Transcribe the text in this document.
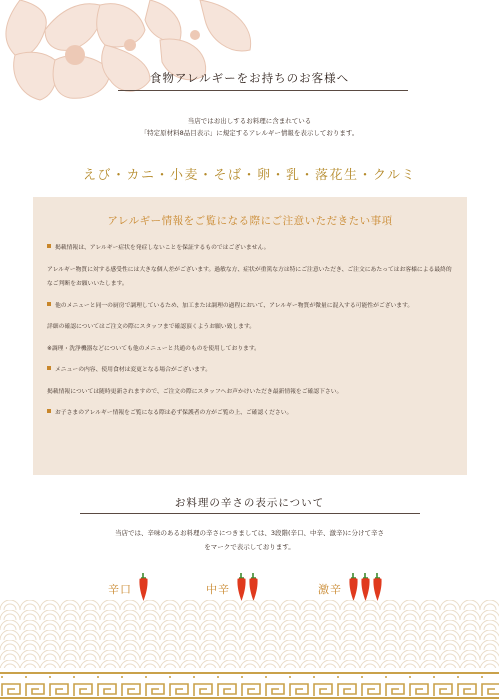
食物アレルギーをお持ちのお客様へ
当店ではお出しするお料理に含まれている
「特定原材料8品目表示」に規定するアレルギー情報を表示しております。
えび・カニ・小麦・そば・卵・乳・落花生・クルミ
アレルギー情報をご覧になる際にご注意いただきたい事項

掲載情報は、アレルギー症状を発症しないことを保証するものではございません。

アレルギー物質に対する感受性には大きな個人差がございます。過敏な方、症状が重篤な方は特にご注意いただき、ご注文にあたってはお客様による最終的なご判断をお願いいたします。

他のメニューと同一の厨房で調理しているため、加工または調理の過程において、アレルギー物質が微量に混入する可能性がございます。

詳細の確認についてはご注文の際にスタッフまで確認頂くようお願い致します。

※調理・洗浄機器などについても他のメニューと共通のものを使用しております。

メニューの内容、使用食材は変更となる場合がございます。

掲載情報については随時更新されますので、ご注文の際にスタッフへお声かけいただき最新情報をご確認下さい。

お子さまのアレルギー情報をご覧になる際は必ず保護者の方がご覧の上、ご確認ください。

お料理の辛さの表示について
当店では、辛味のあるお料理の辛さにつきましては、3段階(辛口、中辛、激辛)に分けて辛さ
をマークで表示しております。
辛口	中辛	激辛
